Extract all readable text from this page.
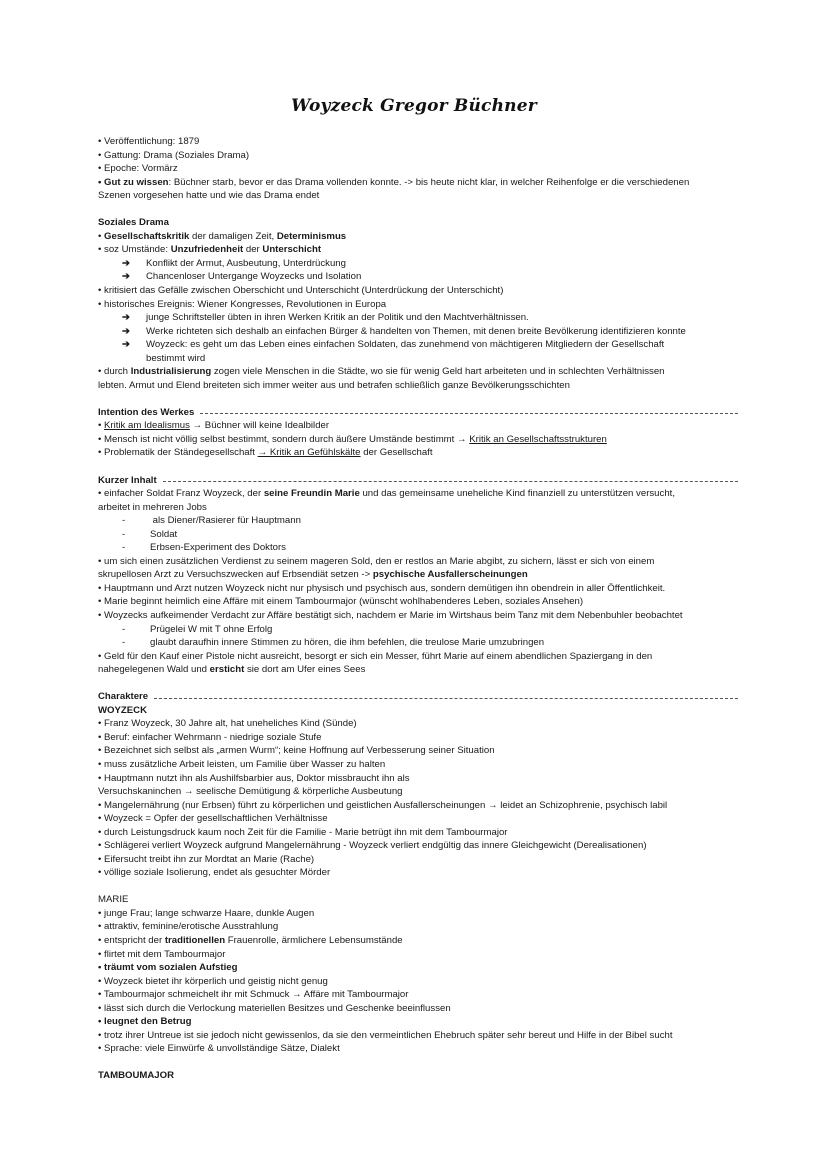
Woyzeck Gregor Büchner
• Veröffentlichung: 1879
• Gattung: Drama (Soziales Drama)
• Epoche: Vormärz
• Gut zu wissen: Büchner starb, bevor er das Drama vollenden konnte. -> bis heute nicht klar, in welcher Reihenfolge er die verschiedenen
Szenen vorgesehen hatte und wie das Drama endet
Soziales Drama
• Gesellschaftskritik der damaligen Zeit, Determinismus
• soz Umstände: Unzufriedenheit der Unterschicht
➔ Konflikt der Armut, Ausbeutung, Unterdrückung
➔ Chancenloser Untergange Woyzecks und Isolation
• kritisiert das Gefälle zwischen Oberschicht und Unterschicht (Unterdrückung der Unterschicht)
• historisches Ereignis: Wiener Kongresses, Revolutionen in Europa
➔ junge Schriftsteller übten in ihren Werken Kritik an der Politik und den Machtverhältnissen.
➔ Werke richteten sich deshalb an einfachen Bürger & handelten von Themen, mit denen breite Bevölkerung identifizieren konnte
➔ Woyzeck: es geht um das Leben eines einfachen Soldaten, das zunehmend von mächtigeren Mitgliedern der Gesellschaft
bestimmt wird
• durch Industrialisierung zogen viele Menschen in die Städte, wo sie für wenig Geld hart arbeiteten und in schlechten Verhältnissen
lebten. Armut und Elend breiteten sich immer weiter aus und betrafen schließlich ganze Bevölkerungsschichten
Intention des Werkes
• Kritik am Idealismus → Büchner will keine Idealbilder
• Mensch ist nicht völlig selbst bestimmt, sondern durch äußere Umstände bestimmt → Kritik an Gesellschaftsstrukturen
• Problematik der Ständegesellschaft → Kritik an Gefühlskälte der Gesellschaft
Kurzer Inhalt
• einfacher Soldat Franz Woyzeck, der seine Freundin Marie und das gemeinsame uneheliche Kind finanziell zu unterstützen versucht,
arbeitet in mehreren Jobs
-	als Diener/Rasierer für Hauptmann
-	Soldat
-	Erbsen-Experiment des Doktors
• um sich einen zusätzlichen Verdienst zu seinem mageren Sold, den er restlos an Marie abgibt, zu sichern, lässt er sich von einem
skrupellosen Arzt zu Versuchszwecken auf Erbsendiät setzen -> psychische Ausfallerscheinungen
• Hauptmann und Arzt nutzen Woyzeck nicht nur physisch und psychisch aus, sondern demütigen ihn obendrein in aller Öffentlichkeit.
• Marie beginnt heimlich eine Affäre mit einem Tambourmajor (wünscht wohlhabenderes Leben, soziales Ansehen)
• Woyzecks aufkeimender Verdacht zur Affäre bestätigt sich, nachdem er Marie im Wirtshaus beim Tanz mit dem Nebenbuhler beobachtet
-	Prügelei W mit T ohne Erfolg
-	glaubt daraufhin innere Stimmen zu hören, die ihm befehlen, die treulose Marie umzubringen
• Geld für den Kauf einer Pistole nicht ausreicht, besorgt er sich ein Messer, führt Marie auf einem abendlichen Spaziergang in den
nahegelegenen Wald und ersticht sie dort am Ufer eines Sees
Charaktere
WOYZECK
• Franz Woyzeck, 30 Jahre alt, hat uneheliches Kind (Sünde)
• Beruf: einfacher Wehrmann - niedrige soziale Stufe
• Bezeichnet sich selbst als „armen Wurm“; keine Hoffnung auf Verbesserung seiner Situation
• muss zusätzliche Arbeit leisten, um Familie über Wasser zu halten
• Hauptmann nutzt ihn als Aushilfsbarbier aus, Doktor missbraucht ihn als
Versuchskaninchen → seelische Demütigung & körperliche Ausbeutung
• Mangelernährung (nur Erbsen) führt zu körperlichen und geistlichen Ausfallerscheinungen → leidet an Schizophrenie, psychisch labil
• Woyzeck = Opfer der gesellschaftlichen Verhältnisse
• durch Leistungsdruck kaum noch Zeit für die Familie - Marie betrügt ihn mit dem Tambourmajor
• Schlägerei verliert Woyzeck aufgrund Mangelernährung - Woyzeck verliert endgültig das innere Gleichgewicht (Derealisationen)
• Eifersucht treibt ihn zur Mordtat an Marie (Rache)
• völlige soziale Isolierung, endet als gesuchter Mörder
MARIE
• junge Frau; lange schwarze Haare, dunkle Augen
• attraktiv, feminine/erotische Ausstrahlung
• entspricht der traditionellen Frauenrolle, ärmlichere Lebensumstände
• flirtet mit dem Tambourmajor
• träumt vom sozialen Aufstieg
• Woyzeck bietet ihr körperlich und geistig nicht genug
• Tambourmajor schmeichelt ihr mit Schmuck → Affäre mit Tambourmajor
• lässt sich durch die Verlockung materiellen Besitzes und Geschenke beeinflussen
• leugnet den Betrug
• trotz ihrer Untreue ist sie jedoch nicht gewissenlos, da sie den vermeintlichen Ehebruch später sehr bereut und Hilfe in der Bibel sucht
• Sprache: viele Einwürfe & unvollständige Sätze, Dialekt
TAMBOUMAJOR
